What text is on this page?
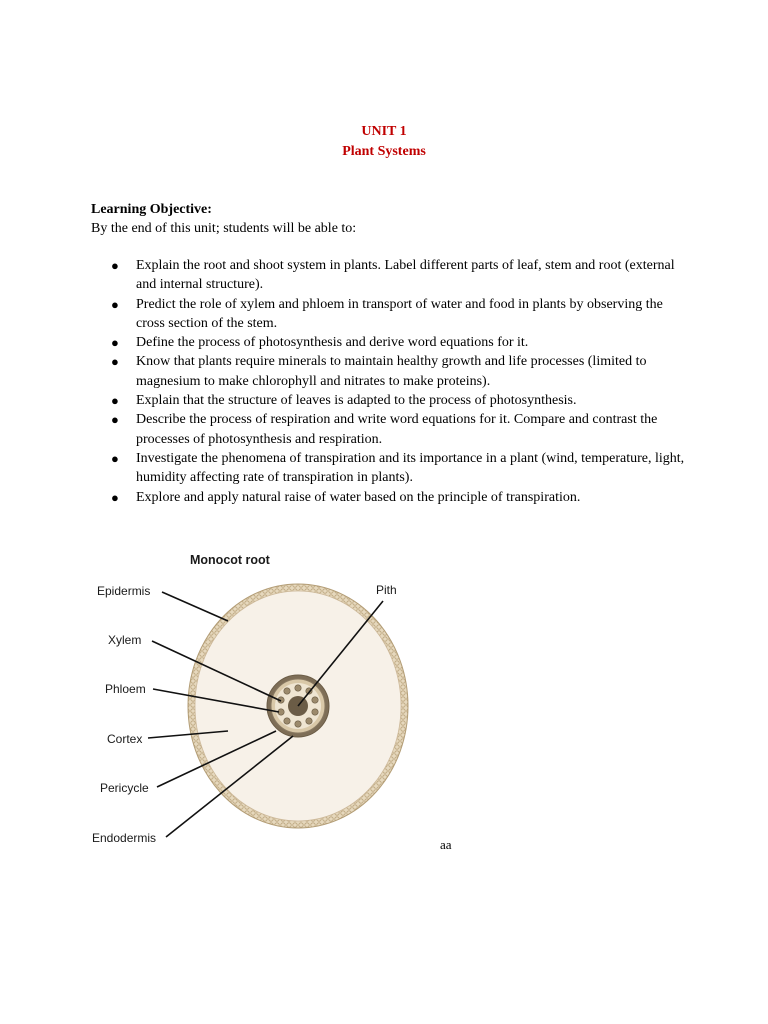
UNIT 1
Plant Systems
Learning Objective:
By the end of this unit; students will be able to:
● Explain the root and shoot system in plants. Label different parts of leaf, stem and root (external and internal structure).
● Predict the role of xylem and phloem in transport of water and food in plants by observing the cross section of the stem.
● Define the process of photosynthesis and derive word equations for it.
● Know that plants require minerals to maintain healthy growth and life processes (limited to magnesium to make chlorophyll and nitrates to make proteins).
● Explain that the structure of leaves is adapted to the process of photosynthesis.
● Describe the process of respiration and write word equations for it. Compare and contrast the processes of photosynthesis and respiration.
● Investigate the phenomena of transpiration and its importance in a plant (wind, temperature, light, humidity affecting rate of transpiration in plants).
● Explore and apply natural raise of water based on the principle of transpiration.
Monocot root
Epidermis
Xylem
Phloem
Cortex
Pericycle
Endodermis
Pith
aa
